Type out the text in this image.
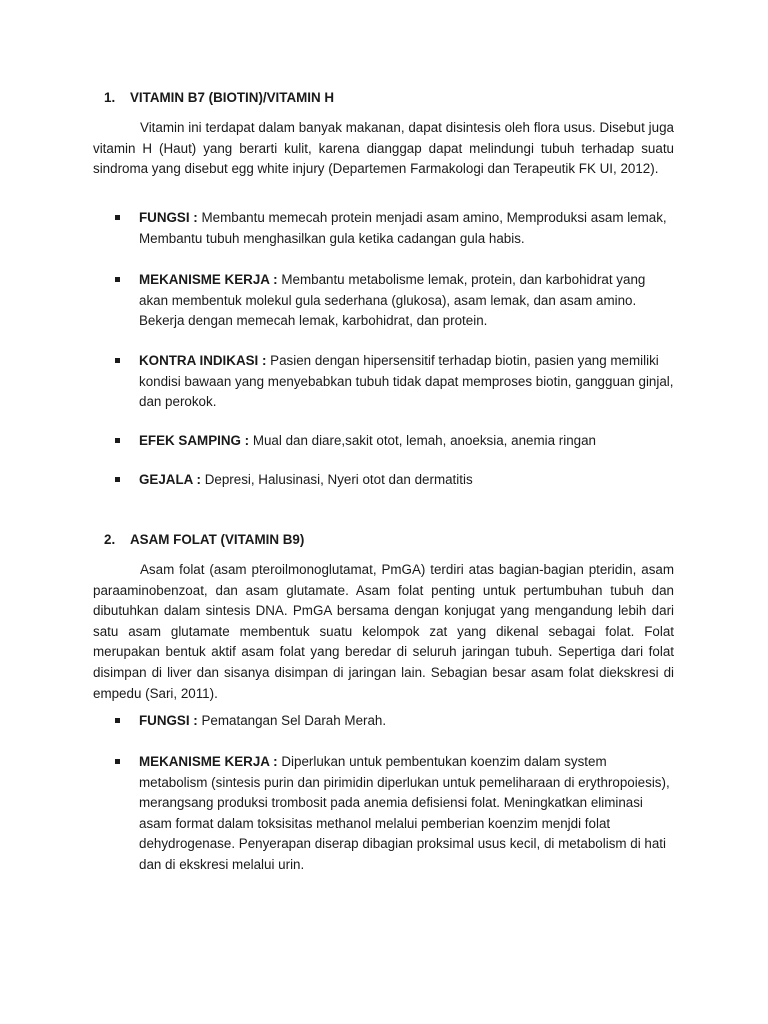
1. VITAMIN B7 (BIOTIN)/VITAMIN H

Vitamin ini terdapat dalam banyak makanan, dapat disintesis oleh flora usus. Disebut juga vitamin H (Haut) yang berarti kulit, karena dianggap dapat melindungi tubuh terhadap suatu sindroma yang disebut egg white injury (Departemen Farmakologi dan Terapeutik FK UI, 2012).

FUNGSI : Membantu memecah protein menjadi asam amino, Memproduksi asam lemak, Membantu tubuh menghasilkan gula ketika cadangan gula habis.
MEKANISME KERJA : Membantu metabolisme lemak, protein, dan karbohidrat yang akan membentuk molekul gula sederhana (glukosa), asam lemak, dan asam amino. Bekerja dengan memecah lemak, karbohidrat, dan protein.
KONTRA INDIKASI : Pasien dengan hipersensitif terhadap biotin, pasien yang memiliki kondisi bawaan yang menyebabkan tubuh tidak dapat memproses biotin, gangguan ginjal, dan perokok.
EFEK SAMPING : Mual dan diare,sakit otot, lemah, anoeksia, anemia ringan
GEJALA : Depresi, Halusinasi, Nyeri otot dan dermatitis
2. ASAM FOLAT (VITAMIN B9)

Asam folat (asam pteroilmonoglutamat, PmGA) terdiri atas bagian-bagian pteridin, asam paraaminobenzoat, dan asam glutamate. Asam folat penting untuk pertumbuhan tubuh dan dibutuhkan dalam sintesis DNA. PmGA bersama dengan konjugat yang mengandung lebih dari satu asam glutamate membentuk suatu kelompok zat yang dikenal sebagai folat. Folat merupakan bentuk aktif asam folat yang beredar di seluruh jaringan tubuh. Sepertiga dari folat disimpan di liver dan sisanya disimpan di jaringan lain. Sebagian besar asam folat diekskresi di empedu (Sari, 2011).

FUNGSI : Pematangan Sel Darah Merah.
MEKANISME KERJA : Diperlukan untuk pembentukan koenzim dalam system metabolism (sintesis purin dan pirimidin diperlukan untuk pemeliharaan di erythropoiesis), merangsang produksi trombosit pada anemia defisiensi folat. Meningkatkan eliminasi asam format dalam toksisitas methanol melalui pemberian koenzim menjdi folat dehydrogenase. Penyerapan diserap dibagian proksimal usus kecil, di metabolism di hati dan di ekskresi melalui urin.
